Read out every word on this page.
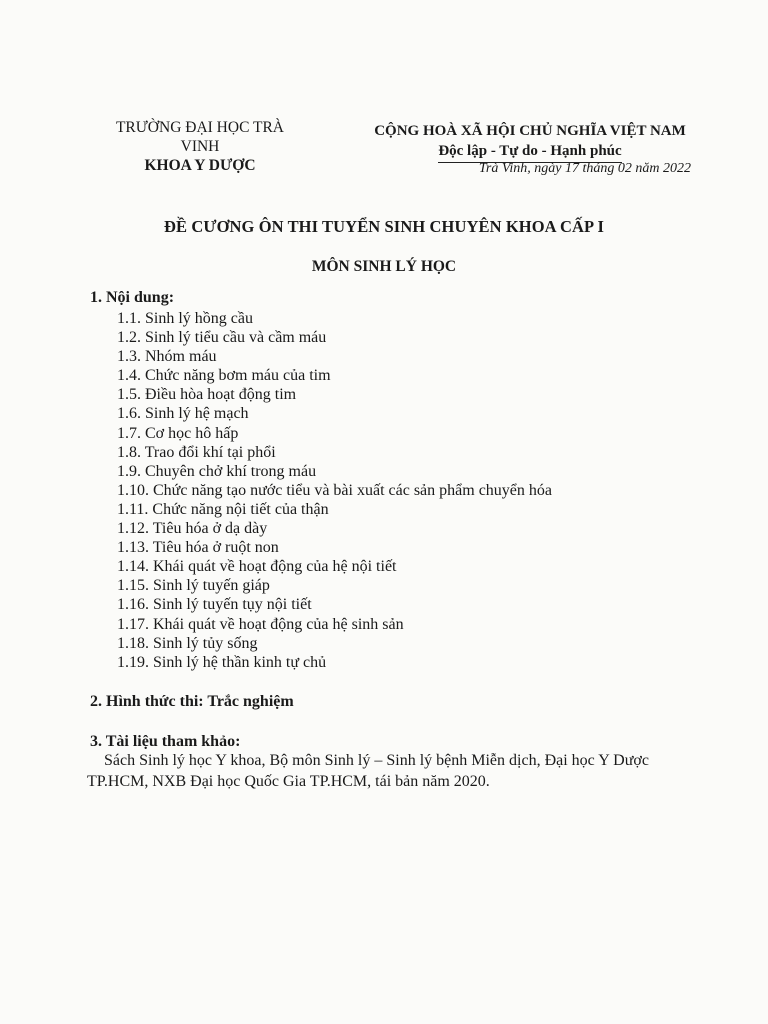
TRƯỜNG ĐẠI HỌC TRÀ VINH
KHOA Y DƯỢC
CỘNG HOÀ XÃ HỘI CHỦ NGHĨA VIỆT NAM
Độc lập - Tự do - Hạnh phúc
Trà Vinh, ngày 17 tháng 02 năm 2022
ĐỀ CƯƠNG ÔN THI TUYỂN SINH CHUYÊN KHOA CẤP I
MÔN SINH LÝ HỌC
1. Nội dung:
1.1. Sinh lý hồng cầu
1.2. Sinh lý tiểu cầu và cầm máu
1.3. Nhóm máu
1.4. Chức năng bơm máu của tim
1.5. Điều hòa hoạt động tim
1.6. Sinh lý hệ mạch
1.7. Cơ học hô hấp
1.8. Trao đổi khí tại phổi
1.9. Chuyên chở khí trong máu
1.10. Chức năng tạo nước tiểu và bài xuất các sản phẩm chuyển hóa
1.11. Chức năng nội tiết của thận
1.12. Tiêu hóa ở dạ dày
1.13. Tiêu hóa ở ruột non
1.14. Khái quát về hoạt động của hệ nội tiết
1.15. Sinh lý tuyến giáp
1.16. Sinh lý tuyến tụy nội tiết
1.17. Khái quát về hoạt động của hệ sinh sản
1.18. Sinh lý tủy sống
1.19. Sinh lý hệ thần kinh tự chủ
2. Hình thức thi: Trắc nghiệm
3. Tài liệu tham khảo:
Sách Sinh lý học Y khoa, Bộ môn Sinh lý – Sinh lý bệnh Miễn dịch, Đại học Y Dược TP.HCM, NXB Đại học Quốc Gia TP.HCM, tái bản năm 2020.
